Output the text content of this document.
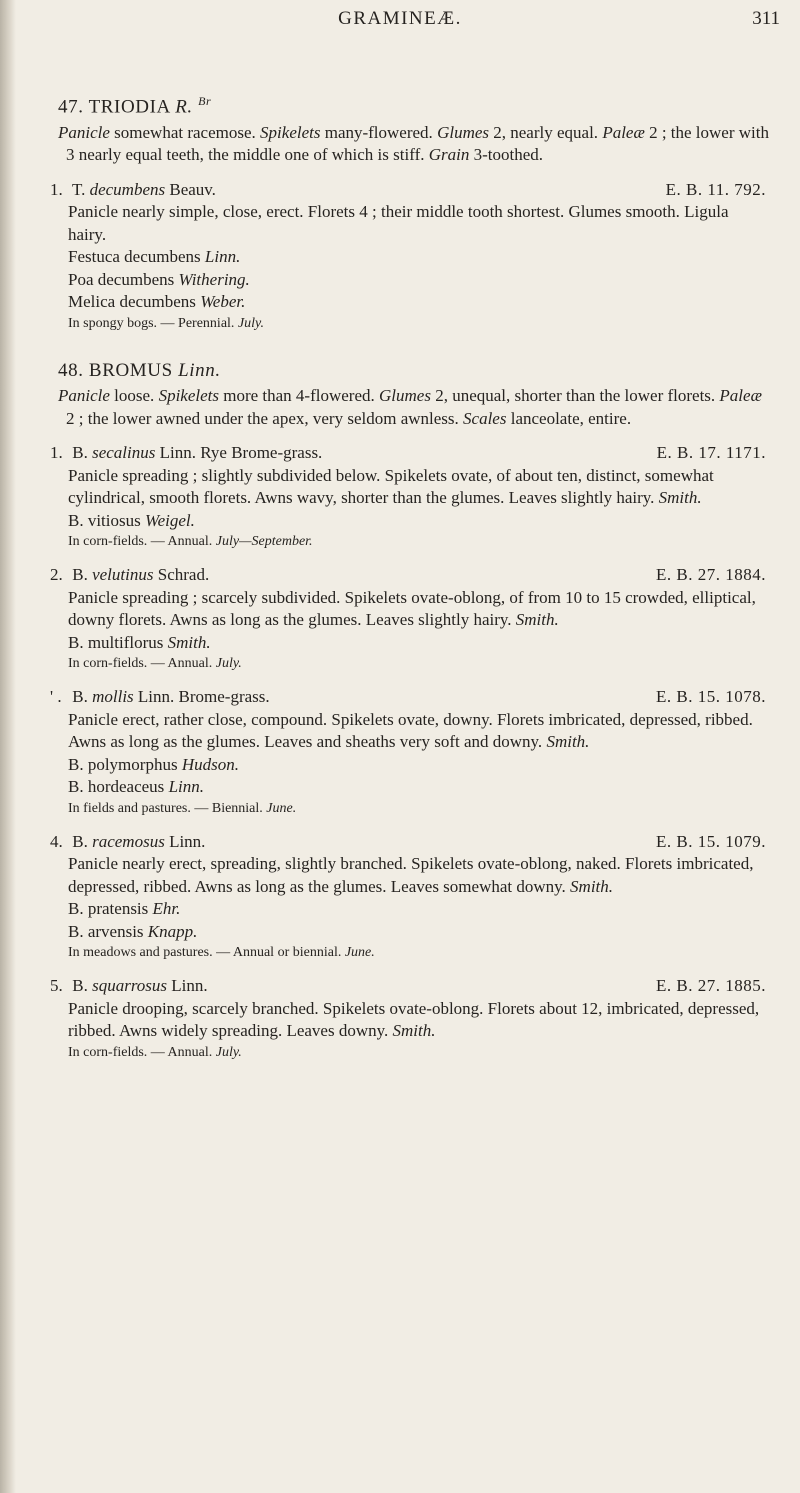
GRAMINEÆ.	311
47. TRIODIA R. $^{Br}$
Panicle somewhat racemose. Spikelets many-flowered. Glumes 2, nearly equal. Paleæ 2 ; the lower with 3 nearly equal teeth, the middle one of which is stiff. Grain 3-toothed.
1. T. decumbens Beauv.	E. B. 11. 792.
Panicle nearly simple, close, erect. Florets 4 ; their middle tooth shortest. Glumes smooth. Ligula hairy.
Festuca decumbens Linn.
Poa decumbens Withering.
Melica decumbens Weber.
In spongy bogs. — Perennial. July.
48. BROMUS Linn.
Panicle loose. Spikelets more than 4-flowered. Glumes 2, unequal, shorter than the lower florets. Paleæ 2 ; the lower awned under the apex, very seldom awnless. Scales lanceolate, entire.
1. B. secalinus Linn. Rye Brome-grass.	E. B. 17. 1171.
Panicle spreading ; slightly subdivided below. Spikelets ovate, of about ten, distinct, somewhat cylindrical, smooth florets. Awns wavy, shorter than the glumes. Leaves slightly hairy. Smith.
B. vitiosus Weigel.
In corn-fields. — Annual. July—September.
2. B. velutinus Schrad.	E. B. 27. 1884.
Panicle spreading ; scarcely subdivided. Spikelets ovate-oblong, of from 10 to 15 crowded, elliptical, downy florets. Awns as long as the glumes. Leaves slightly hairy. Smith.
B. multiflorus Smith.
In corn-fields. — Annual. July.
' . B. mollis Linn. Brome-grass.	E. B. 15. 1078.
Panicle erect, rather close, compound. Spikelets ovate, downy. Florets imbricated, depressed, ribbed. Awns as long as the glumes. Leaves and sheaths very soft and downy. Smith.
B. polymorphus Hudson.
B. hordeaceus Linn.
In fields and pastures. — Biennial. June.
4. B. racemosus Linn.	E. B. 15. 1079.
Panicle nearly erect, spreading, slightly branched. Spikelets ovate-oblong, naked. Florets imbricated, depressed, ribbed. Awns as long as the glumes. Leaves somewhat downy. Smith.
B. pratensis Ehr.
B. arvensis Knapp.
In meadows and pastures. — Annual or biennial. June.
5. B. squarrosus Linn.	E. B. 27. 1885.
Panicle drooping, scarcely branched. Spikelets ovate-oblong. Florets about 12, imbricated, depressed, ribbed. Awns widely spreading. Leaves downy. Smith.
In corn-fields. — Annual. July.
